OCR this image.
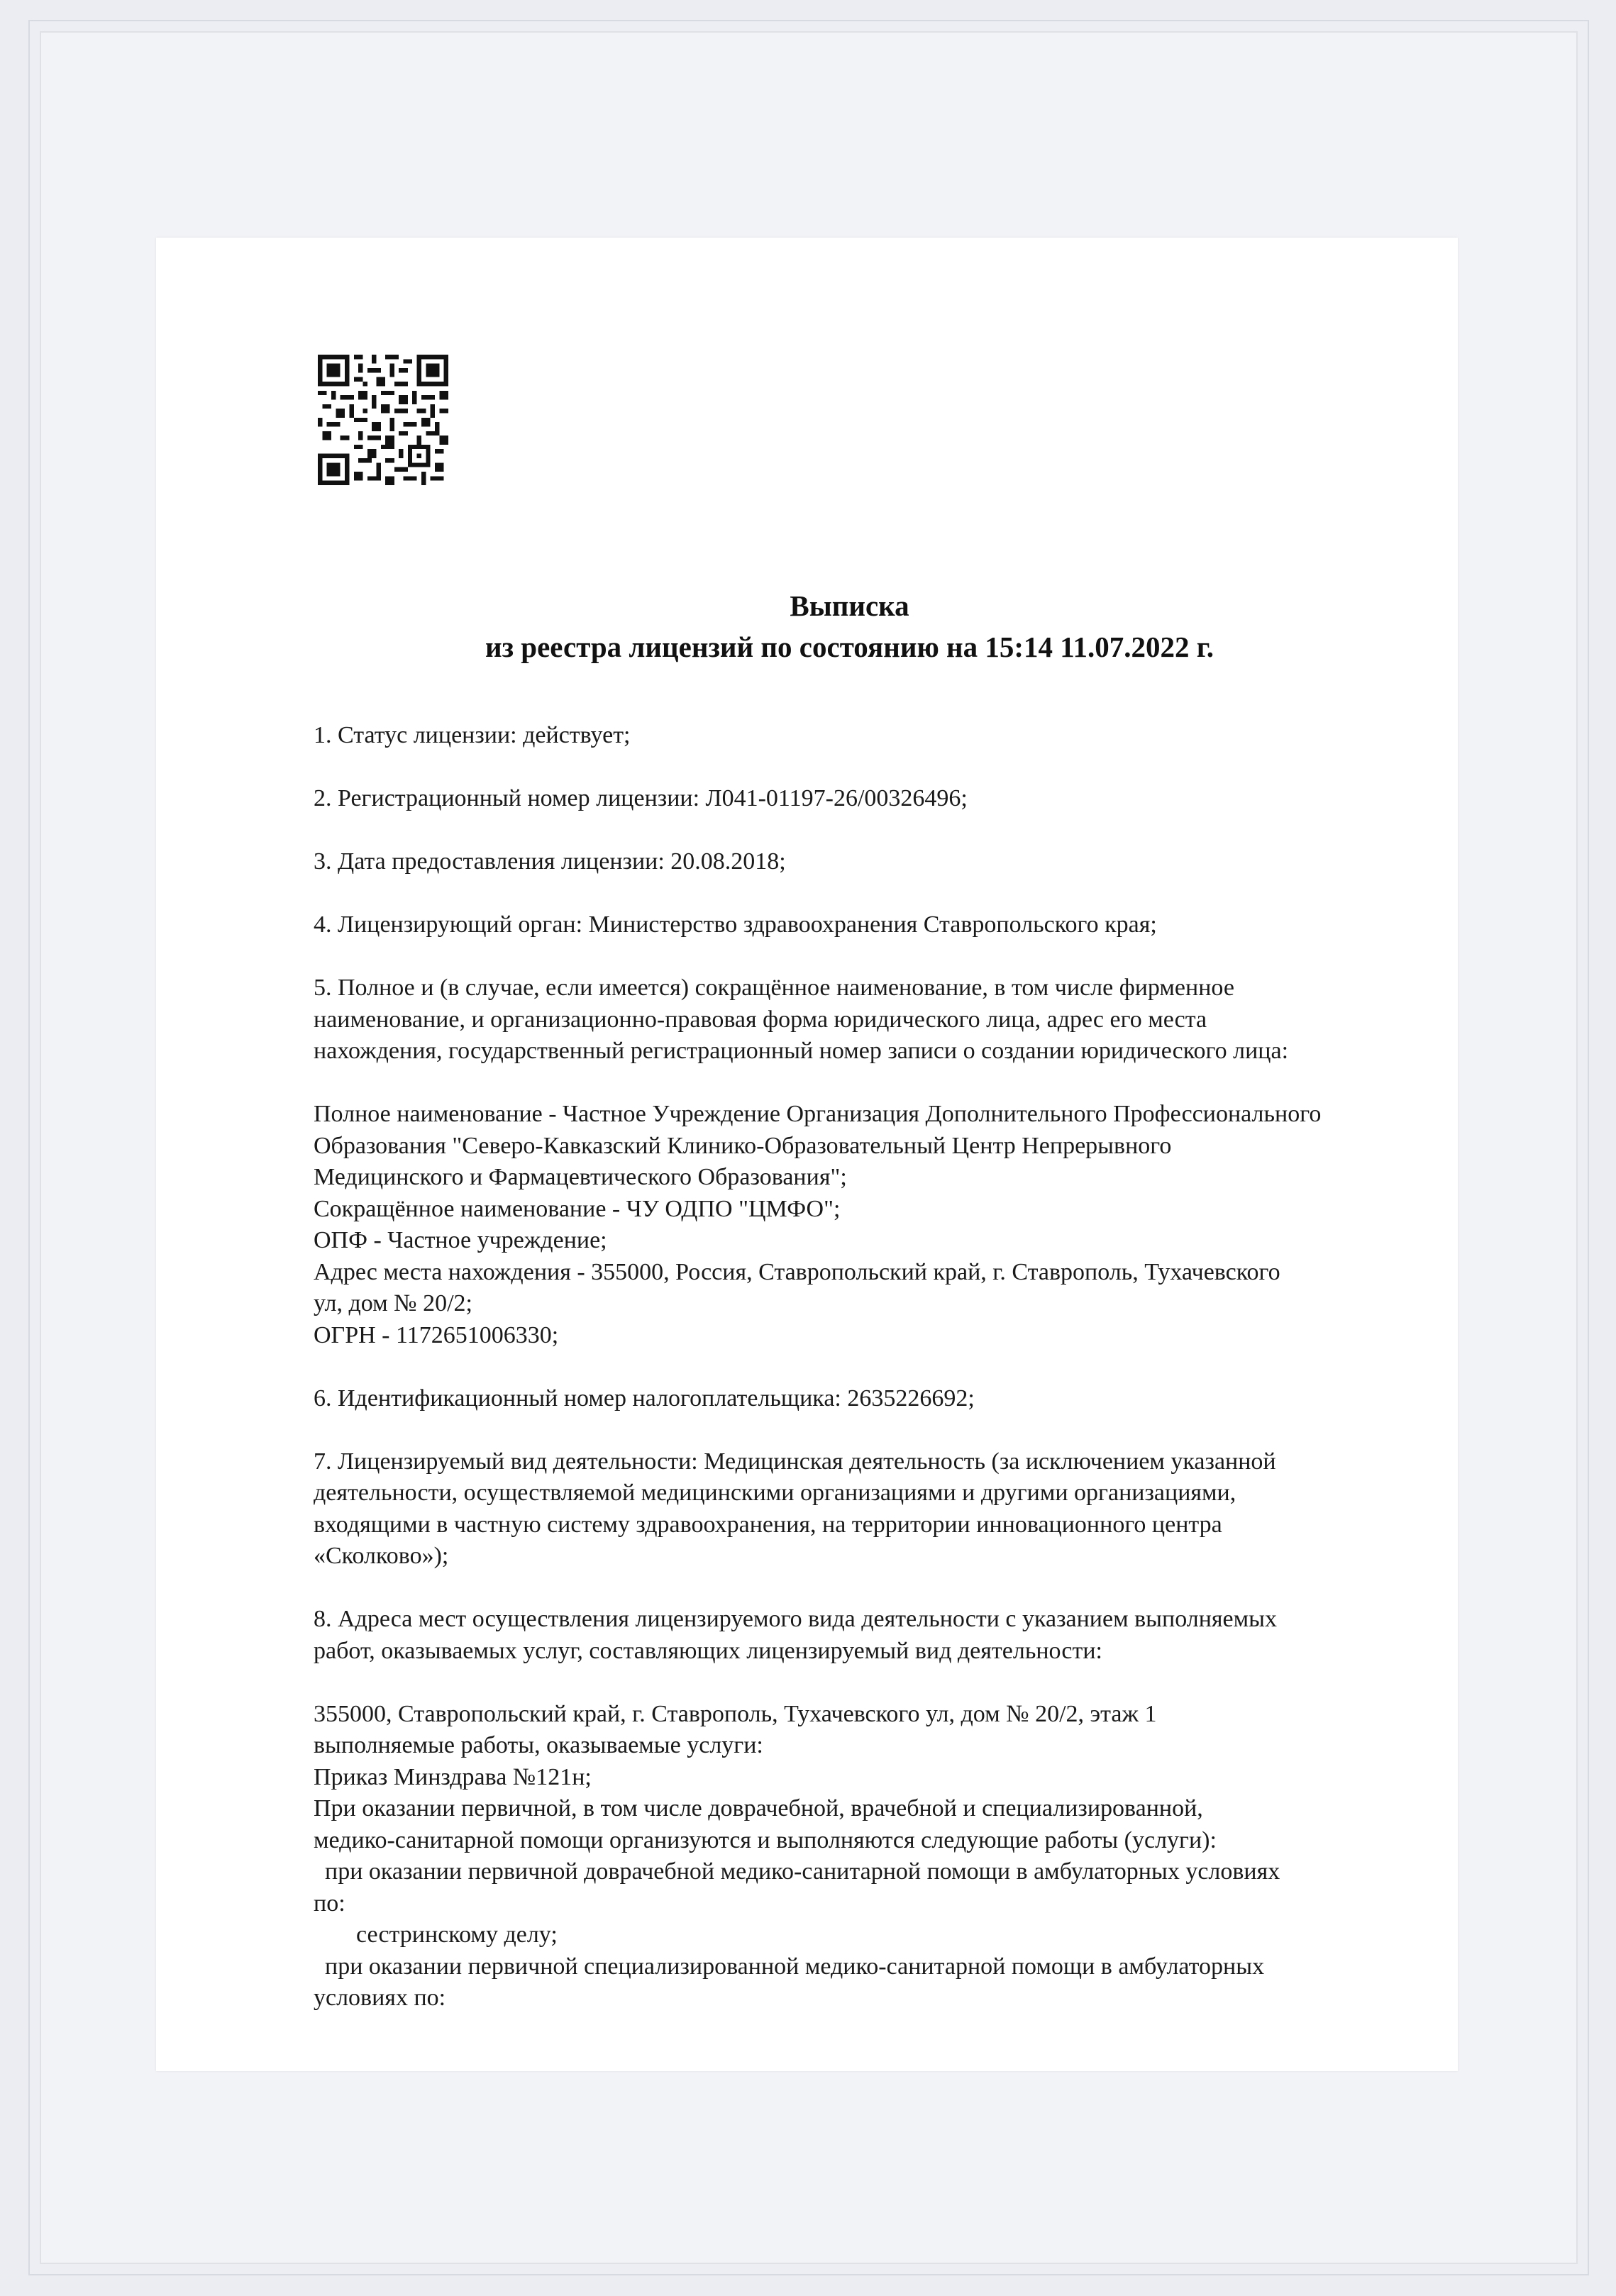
Выписка
из реестра лицензий по состоянию на 15:14 11.07.2022 г.

1. Статус лицензии: действует;

2. Регистрационный номер лицензии: Л041-01197-26/00326496;

3. Дата предоставления лицензии: 20.08.2018;

4. Лицензирующий орган: Министерство здравоохранения Ставропольского края;

5. Полное и (в случае, если имеется) сокращённое наименование, в том числе фирменное

наименование, и организационно-правовая форма юридического лица, адрес его места

нахождения, государственный регистрационный номер записи о создании юридического лица:

Полное наименование - Частное Учреждение Организация Дополнительного Профессионального

Образования "Северо-Кавказский Клинико-Образовательный Центр Непрерывного

Медицинского и Фармацевтического Образования";

Сокращённое наименование - ЧУ ОДПО "ЦМФО";

ОПФ - Частное учреждение;

Адрес места нахождения - 355000, Россия, Ставропольский край, г. Ставрополь, Тухачевского

ул, дом № 20/2;

ОГРН - 1172651006330;

6. Идентификационный номер налогоплательщика: 2635226692;

7. Лицензируемый вид деятельности: Медицинская деятельность (за исключением указанной

деятельности, осуществляемой медицинскими организациями и другими организациями,

входящими в частную систему здравоохранения, на территории инновационного центра

«Сколково»);

8. Адреса мест осуществления лицензируемого вида деятельности с указанием выполняемых

работ, оказываемых услуг, составляющих лицензируемый вид деятельности:

355000, Ставропольский край, г. Ставрополь, Тухачевского ул, дом № 20/2, этаж 1

выполняемые работы, оказываемые услуги:

Приказ Минздрава №121н;

При оказании первичной, в том числе доврачебной, врачебной и специализированной,

медико-санитарной помощи организуются и выполняются следующие работы (услуги):

при оказании первичной доврачебной медико-санитарной помощи в амбулаторных условиях

по:

сестринскому делу;

при оказании первичной специализированной медико-санитарной помощи в амбулаторных

условиях по:
